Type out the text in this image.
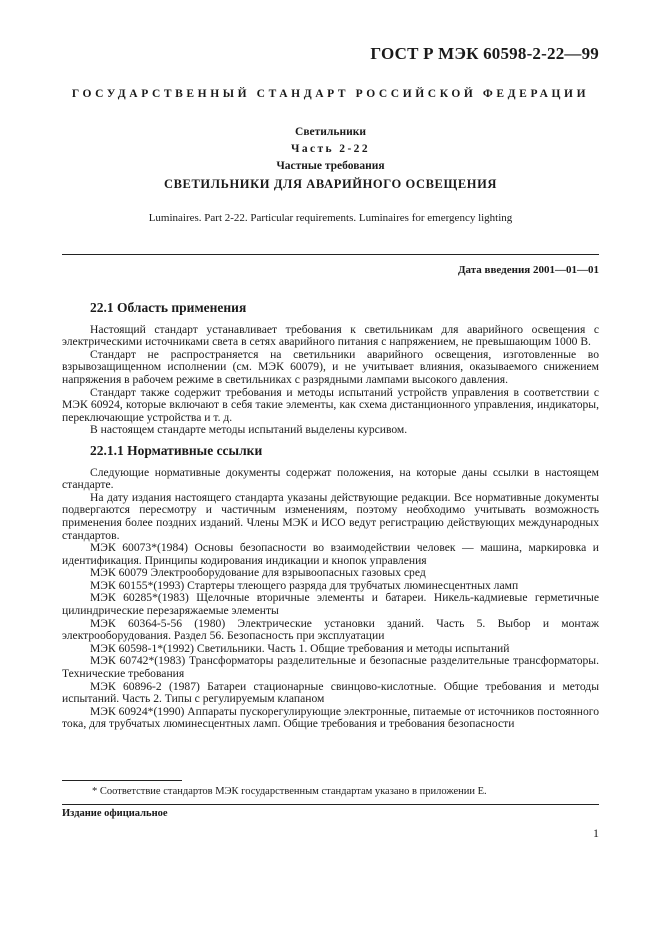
ГОСТ Р МЭК 60598-2-22—99
ГОСУДАРСТВЕННЫЙ СТАНДАРТ РОССИЙСКОЙ ФЕДЕРАЦИИ
Светильники
Часть 2-22
Частные требования
СВЕТИЛЬНИКИ ДЛЯ АВАРИЙНОГО ОСВЕЩЕНИЯ
Luminaires. Part 2-22. Particular requirements. Luminaires for emergency lighting
Дата введения 2001—01—01
22.1 Область применения

Настоящий стандарт устанавливает требования к светильникам для аварийного освещения с электрическими источниками света в сетях аварийного питания с напряжением, не превышающим 1000 В.

Стандарт не распространяется на светильники аварийного освещения, изготовленные во взрывозащищенном исполнении (см. МЭК 60079), и не учитывает влияния, оказываемого снижением напряжения в рабочем режиме в светильниках с разрядными лампами высокого давления.

Стандарт также содержит требования и методы испытаний устройств управления в соответствии с МЭК 60924, которые включают в себя такие элементы, как схема дистанционного управления, индикаторы, переключающие устройства и т. д.

В настоящем стандарте методы испытаний выделены курсивом.

22.1.1 Нормативные ссылки

Следующие нормативные документы содержат положения, на которые даны ссылки в настоящем стандарте.

На дату издания настоящего стандарта указаны действующие редакции. Все нормативные документы подвергаются пересмотру и частичным изменениям, поэтому необходимо учитывать возможность применения более поздних изданий. Члены МЭК и ИСО ведут регистрацию действующих международных стандартов.

МЭК 60073*(1984) Основы безопасности во взаимодействии человек — машина, маркировка и идентификация. Принципы кодирования индикации и кнопок управления

МЭК 60079 Электрооборудование для взрывоопасных газовых сред

МЭК 60155*(1993) Стартеры тлеющего разряда для трубчатых люминесцентных ламп

МЭК 60285*(1983) Щелочные вторичные элементы и батареи. Никель-кадмиевые герметичные цилиндрические перезаряжаемые элементы

МЭК 60364-5-56 (1980) Электрические установки зданий. Часть 5. Выбор и монтаж электрооборудования. Раздел 56. Безопасность при эксплуатации

МЭК 60598-1*(1992) Светильники. Часть 1. Общие требования и методы испытаний

МЭК 60742*(1983) Трансформаторы разделительные и безопасные разделительные трансформаторы. Технические требования

МЭК 60896-2 (1987) Батареи стационарные свинцово-кислотные. Общие требования и методы испытаний. Часть 2. Типы с регулируемым клапаном

МЭК 60924*(1990) Аппараты пускорегулирующие электронные, питаемые от источников постоянного тока, для трубчатых люминесцентных ламп. Общие требования и требования безопасности

* Соответствие стандартов МЭК государственным стандартам указано в приложении Е.
Издание официальное
1
